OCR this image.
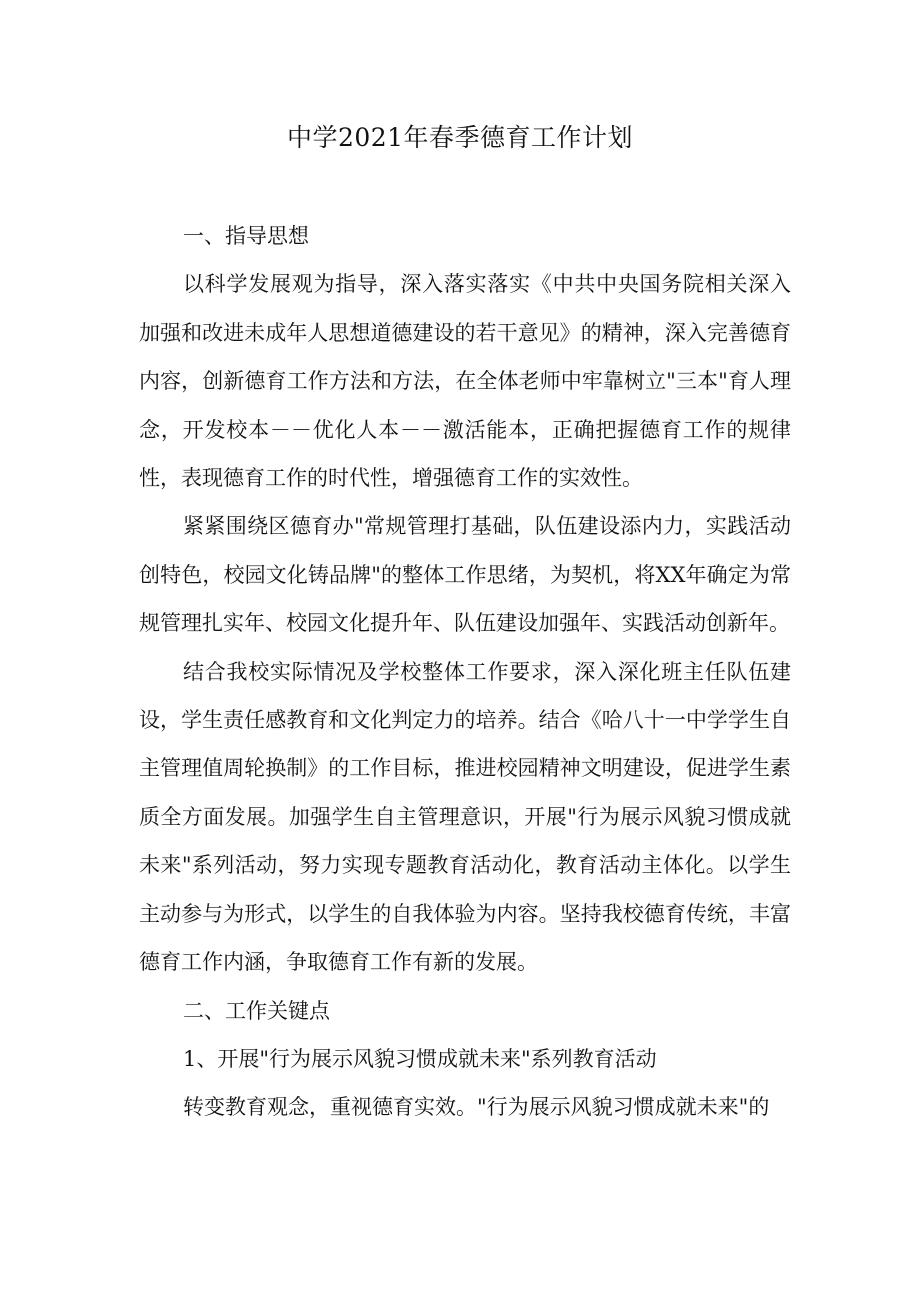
中学2021年春季德育工作计划

一、指导思想

以科学发展观为指导，深入落实落实《中共中央国务院相关深入加强和改进未成年人思想道德建设的若干意见》的精神，深入完善德育内容，创新德育工作方法和方法，在全体老师中牢靠树立"三本"育人理念，开发校本－－优化人本－－激活能本，正确把握德育工作的规律性，表现德育工作的时代性，增强德育工作的实效性。

紧紧围绕区德育办"常规管理打基础，队伍建设添内力，实践活动创特色，校园文化铸品牌"的整体工作思绪，为契机，将XX年确定为常规管理扎实年、校园文化提升年、队伍建设加强年、实践活动创新年。

结合我校实际情况及学校整体工作要求，深入深化班主任队伍建设，学生责任感教育和文化判定力的培养。结合《哈八十一中学学生自主管理值周轮换制》的工作目标，推进校园精神文明建设，促进学生素质全方面发展。加强学生自主管理意识，开展"行为展示风貌习惯成就未来"系列活动，努力实现专题教育活动化，教育活动主体化。以学生主动参与为形式，以学生的自我体验为内容。坚持我校德育传统，丰富德育工作内涵，争取德育工作有新的发展。

二、工作关键点

1、开展"行为展示风貌习惯成就未来"系列教育活动

转变教育观念，重视德育实效。"行为展示风貌习惯成就未来"的
